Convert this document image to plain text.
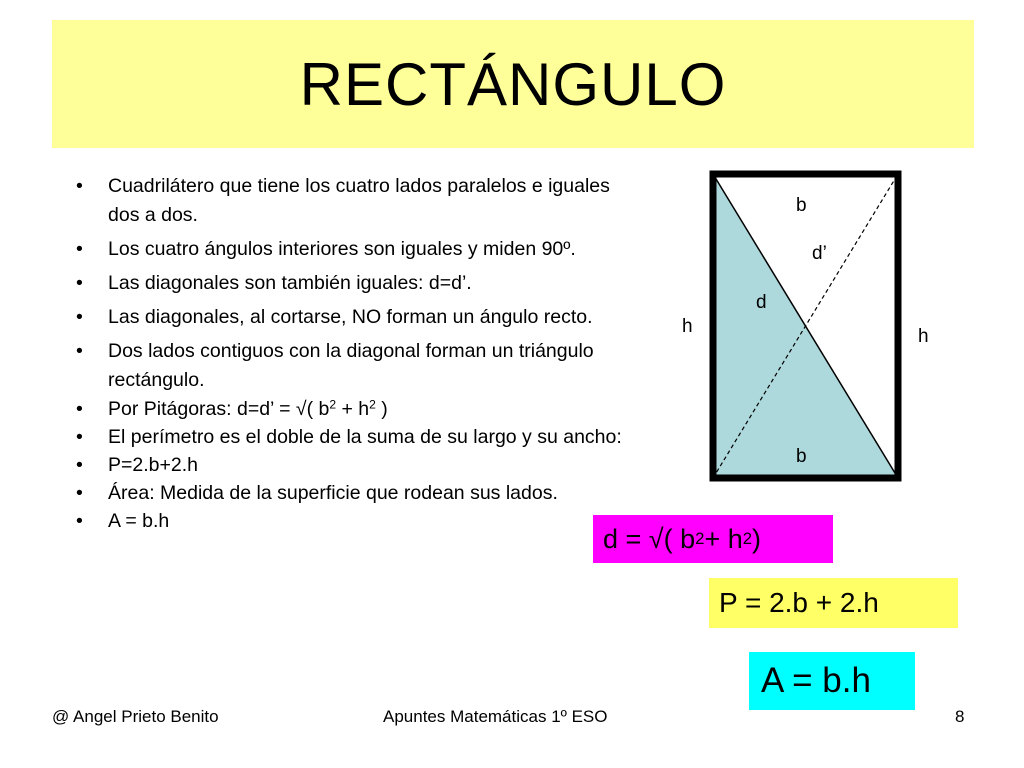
RECTÁNGULO
• Cuadrilátero que tiene los cuatro lados paralelos e iguales dos a dos.
• Los cuatro ángulos interiores son iguales y miden 90º.
• Las diagonales son también iguales: d=d’.
• Las diagonales, al cortarse, NO forman un ángulo recto.
• Dos lados contiguos con la diagonal forman un triángulo rectángulo.
• Por Pitágoras: d=d’ = √( $b^2 + h^2$ )
• El perímetro es el doble de la suma de su largo y su ancho:
• P=2.b+2.h
• Área: Medida de la superficie que rodean sus lados.
• A = b.h
b
d’
d
h	h
b
d = √( b 2 + h 2 )
P = 2.b + 2.h
A = b.h
@ Angel Prieto Benito	Apuntes Matemáticas 1º ESO	8
